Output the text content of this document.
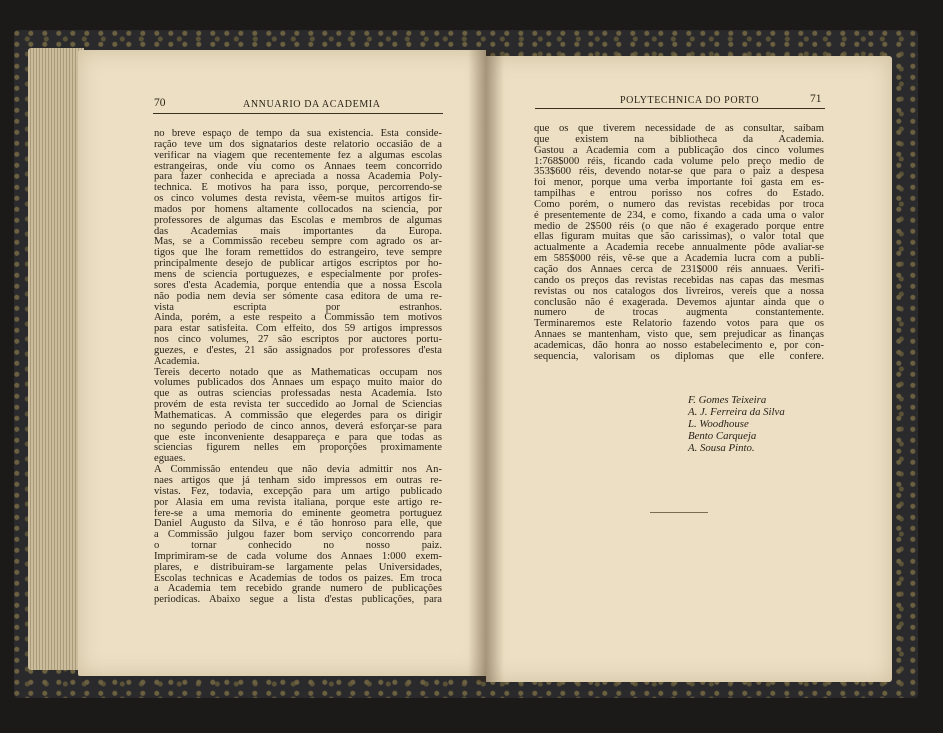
70	ANNUARIO DA ACADEMIA	POLYTECHNICA DO PORTO	71
no breve espaço de tempo da sua existencia. Esta conside-
ração teve um dos signatarios deste relatorio occasião de a
verificar na viagem que recentemente fez a algumas escolas
estrangeiras, onde viu como os Annaes teem concorrido
para fazer conhecida e apreciada a nossa Academia Poly-
technica. E motivos ha para isso, porque, percorrendo-se
os cinco volumes desta revista, vêem-se muitos artigos fir-
mados por homens altamente collocados na sciencia, por
professores de algumas das Escolas e membros de algumas
das Academias mais importantes da Europa.
Mas, se a Commissão recebeu sempre com agrado os ar-
tigos que lhe foram remettidos do estrangeiro, teve sempre
principalmente desejo de publicar artigos escriptos por ho-
mens de sciencia portuguezes, e especialmente por profes-
sores d'esta Academia, porque entendia que a nossa Escola
não podia nem devia ser sómente casa editora de uma re-
vista escripta por estranhos.
Ainda, porém, a este respeito a Commissão tem motivos
para estar satisfeita. Com effeito, dos 59 artigos impressos
nos cinco volumes, 27 são escriptos por auctores portu-
guezes, e d'estes, 21 são assignados por professores d'esta
Academia.
Tereis decerto notado que as Mathematicas occupam nos
volumes publicados dos Annaes um espaço muito maior do
que as outras sciencias professadas nesta Academia. Isto
provém de esta revista ter succedido ao Jornal de Sciencias
Mathematicas. A commissão que elegerdes para os dirigir
no segundo periodo de cinco annos, deverá esforçar-se para
que este inconveniente desappareça e para que todas as
sciencias figurem nelles em proporções proximamente
eguaes.
A Commissão entendeu que não devia admittir nos An-
naes artigos que já tenham sido impressos em outras re-
vistas. Fez, todavia, excepção para um artigo publicado
por Alasia em uma revista italiana, porque este artigo re-
fere-se a uma memoria do eminente geometra portuguez
Daniel Augusto da Silva, e é tão honroso para elle, que
a Commissão julgou fazer bom serviço concorrendo para
o tornar conhecido no nosso paiz.
Imprimiram-se de cada volume dos Annaes 1:000 exem-
plares, e distribuiram-se largamente pelas Universidades,
Escolas technicas e Academias de todos os paizes. Em troca
a Academia tem recebido grande numero de publicações
periodicas. Abaixo segue a lista d'estas publicações, para
que os que tiverem necessidade de as consultar, saibam
que existem na bibliotheca da Academia.
Gastou a Academia com a publicação dos cinco volumes
1:768$000 réis, ficando cada volume pelo preço medio de
353$600 réis, devendo notar-se que para o paiz a despesa
foi menor, porque uma verba importante foi gasta em es-
tampilhas e entrou porisso nos cofres do Estado.
Como porém, o numero das revistas recebidas por troca
é presentemente de 234, e como, fixando a cada uma o valor
medio de 2$500 réis (o que não é exagerado porque entre
ellas figuram muitas que são carissimas), o valor total que
actualmente a Academia recebe annualmente pôde avaliar-se
em 585$000 réis, vê-se que a Academia lucra com a publi-
cação dos Annaes cerca de 231$000 réis annuaes. Verifi-
cando os preços das revistas recebidas nas capas das mesmas
revistas ou nos catalogos dos livreiros, vereis que a nossa
conclusão não é exagerada. Devemos ajuntar ainda que o
numero de trocas augmenta constantemente.
Terminaremos este Relatorio fazendo votos para que os
Annaes se mantenham, visto que, sem prejudicar as finanças
academicas, dão honra ao nosso estabelecimento e, por con-
sequencia, valorisam os diplomas que elle confere.
F. Gomes Teixeira
A. J. Ferreira da Silva
L. Woodhouse
Bento Carqueja
A. Sousa Pinto.
